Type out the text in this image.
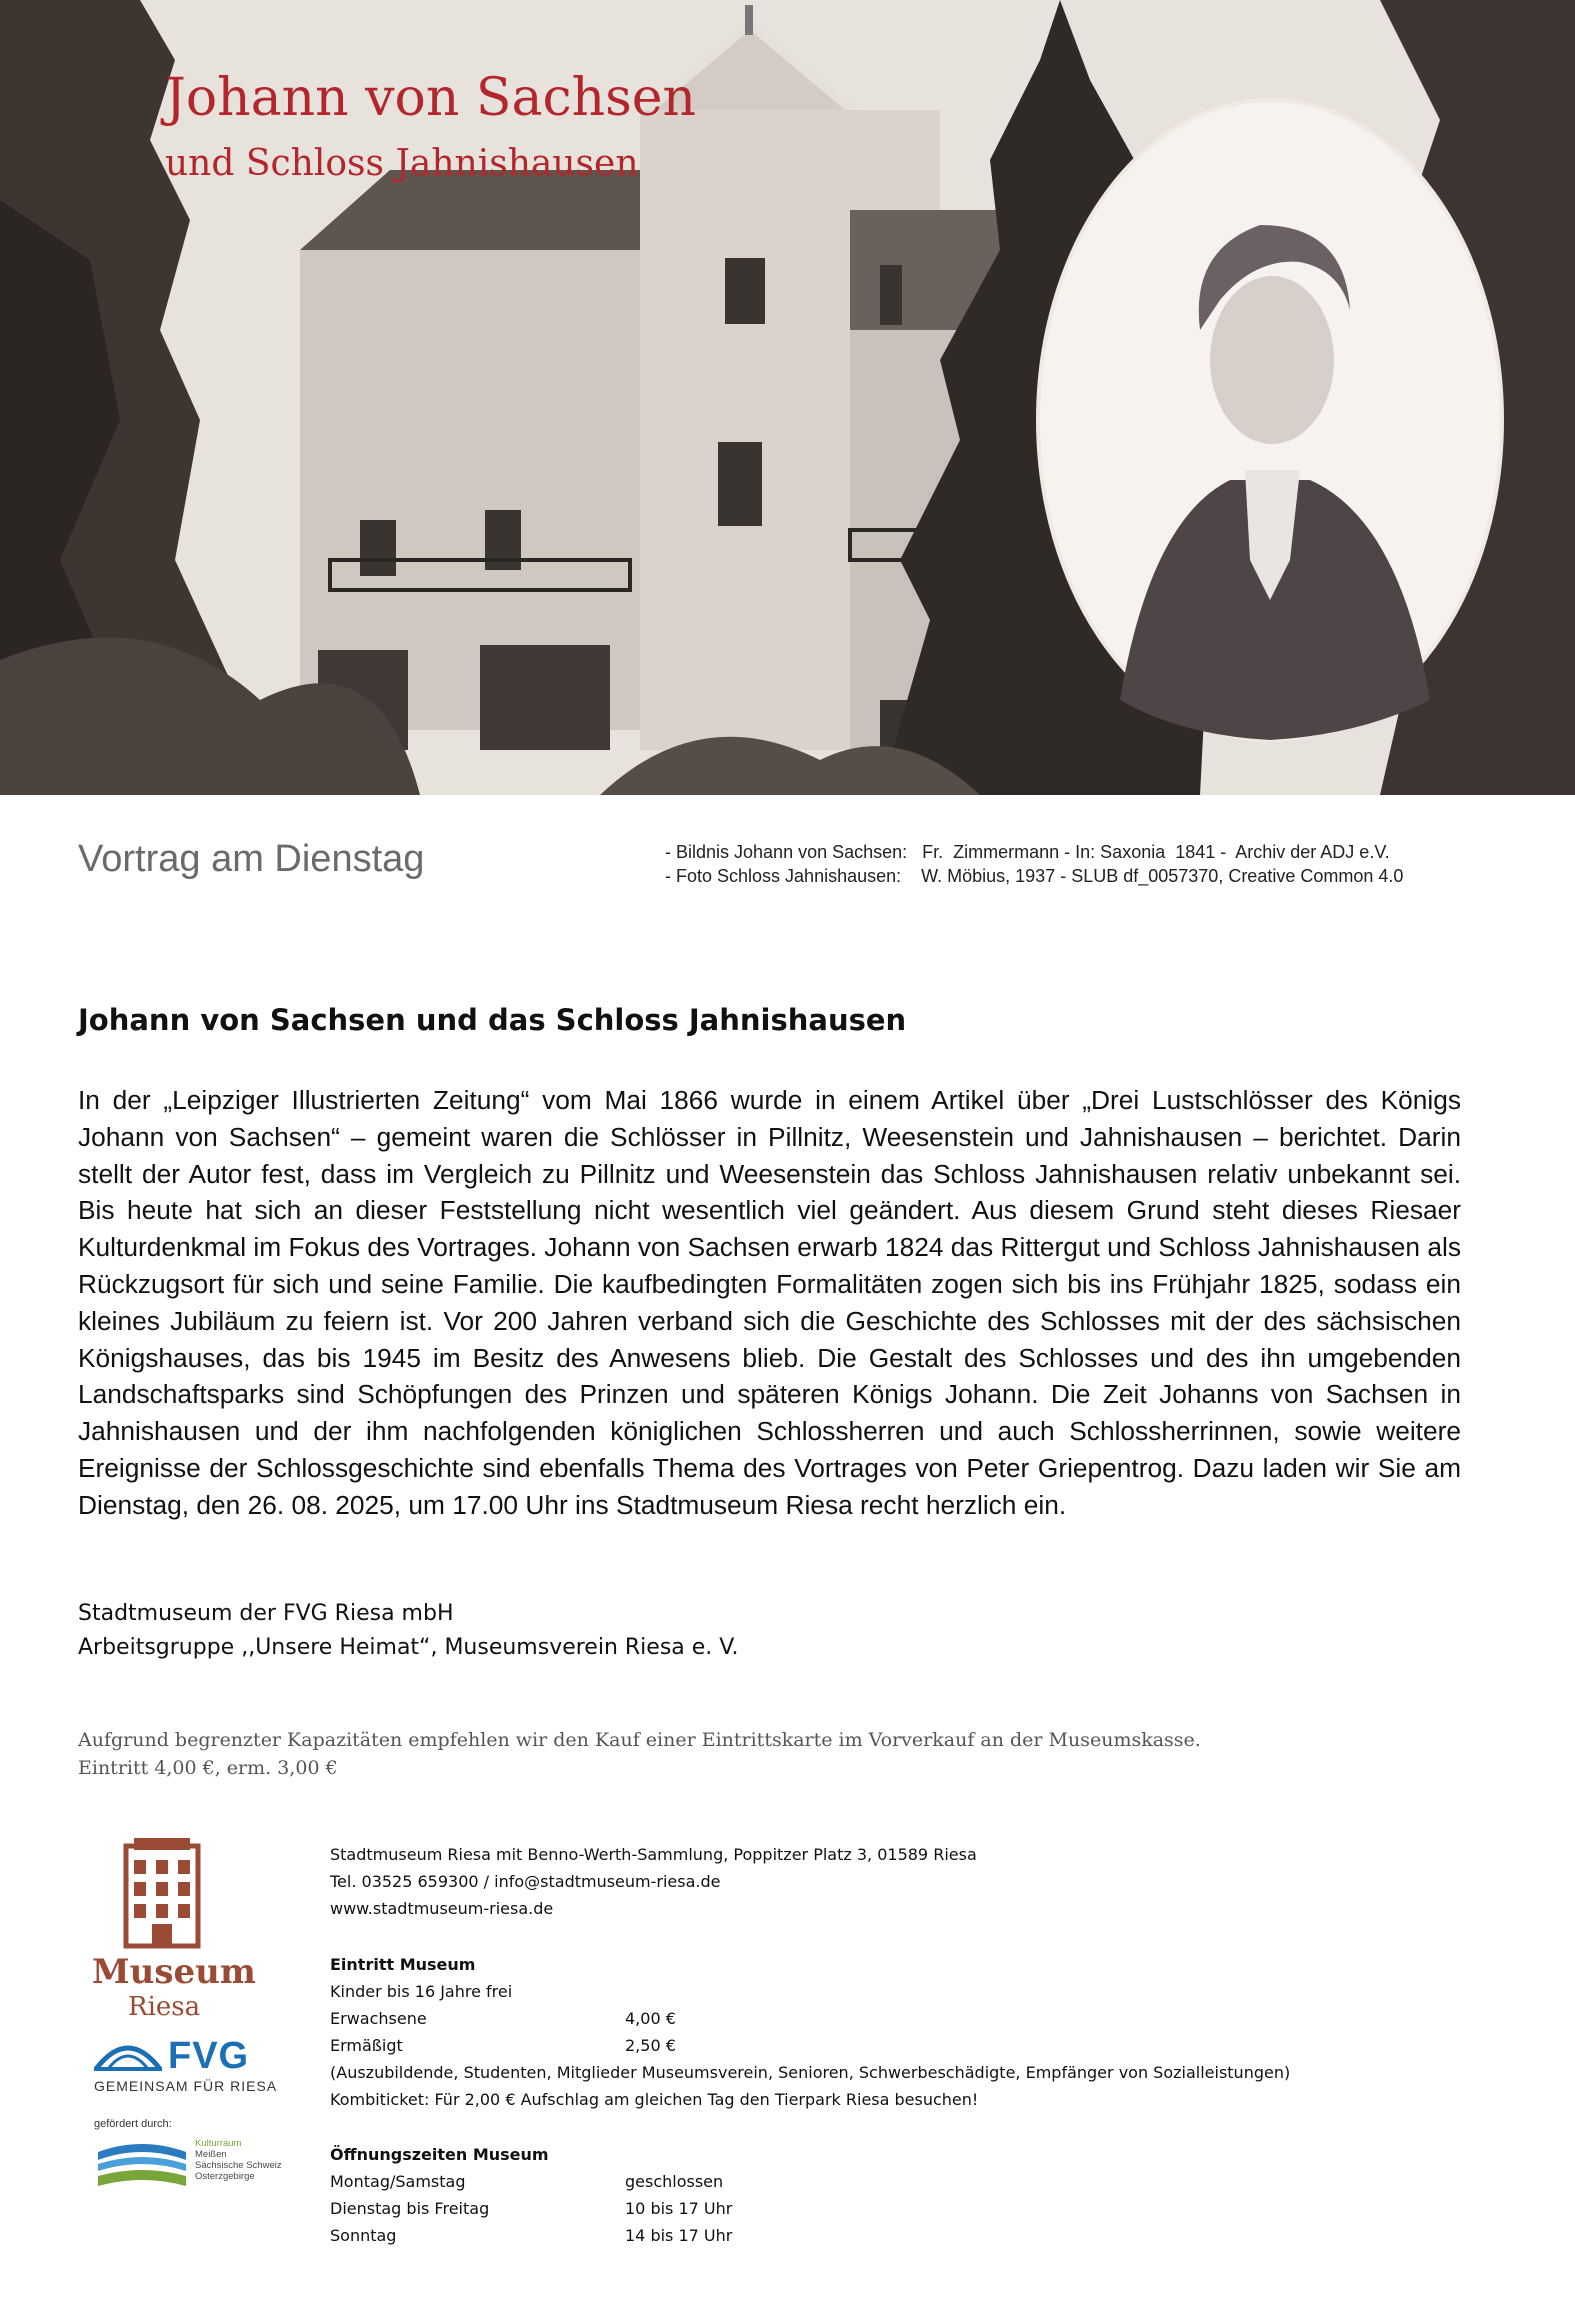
Johann von Sachsen
und Schloss Jahnishausen
Vortrag am Dienstag	- Bildnis Johann von Sachsen:   Fr.  Zimmermann - In: Saxonia  1841 -  Archiv der ADJ e.V.
- Foto Schloss Jahnishausen:    W. Möbius, 1937 - SLUB df_0057370, Creative Common 4.0
Johann von Sachsen und das Schloss Jahnishausen
In der „Leipziger Illustrierten Zeitung“ vom Mai 1866 wurde in einem Artikel über „Drei Lustschlösser des Königs Johann von Sachsen“ – gemeint waren die Schlösser in Pillnitz, Weesenstein und Jahnishausen – berichtet. Darin stellt der Autor fest, dass im Vergleich zu Pillnitz und Weesenstein das Schloss Jahnishausen relativ unbekannt sei. Bis heute hat sich an dieser Feststellung nicht wesentlich viel geändert. Aus diesem Grund steht dieses Riesaer Kulturdenkmal im Fokus des Vortrages. Johann von Sachsen erwarb 1824 das Rittergut und Schloss Jahnishausen als Rückzugsort für sich und seine Familie. Die kaufbedingten Formalitäten zogen sich bis ins Frühjahr 1825, sodass ein kleines Jubiläum zu feiern ist. Vor 200 Jahren verband sich die Geschichte des Schlosses mit der des sächsischen Königshauses, das bis 1945 im Besitz des Anwesens blieb. Die Gestalt des Schlosses und des ihn umgebenden Landschaftsparks sind Schöpfungen des Prinzen und späteren Königs Johann. Die Zeit Johanns von Sachsen in Jahnishausen und der ihm nachfolgenden königlichen Schlossherren und auch Schlossherrinnen, sowie weitere Ereignisse der Schlossgeschichte sind ebenfalls Thema des Vortrages von Peter Griepentrog. Dazu laden wir Sie am Dienstag, den 26. 08. 2025, um 17.00 Uhr ins Stadtmuseum Riesa recht herzlich ein.
Stadtmuseum der FVG Riesa mbH
Arbeitsgruppe ,,Unsere Heimat“, Museumsverein Riesa e. V.
Aufgrund begrenzter Kapazitäten empfehlen wir den Kauf einer Eintrittskarte im Vorverkauf an der Museumskasse.
Eintritt 4,00 €, erm. 3,00 €
Museum
Riesa
FVG
GEMEINSAM FÜR RIESA
gefördert durch:
Kulturraum
Meißen
Sächsische Schweiz
Osterzgebirge
Stadtmuseum Riesa mit Benno-Werth-Sammlung, Poppitzer Platz 3, 01589 Riesa
Tel. 03525 659300 / info@stadtmuseum-riesa.de
www.stadtmuseum-riesa.de
Eintritt Museum
Kinder bis 16 Jahre frei
Erwachsene	4,00 €
Ermäßigt	2,50 €
(Auszubildende, Studenten, Mitglieder Museumsverein, Senioren, Schwerbeschädigte, Empfänger von Sozialleistungen)
Kombiticket: Für 2,00 € Aufschlag am gleichen Tag den Tierpark Riesa besuchen!
Öffnungszeiten Museum
Montag/Samstag	geschlossen
Dienstag bis Freitag	10 bis 17 Uhr
Sonntag	14 bis 17 Uhr
